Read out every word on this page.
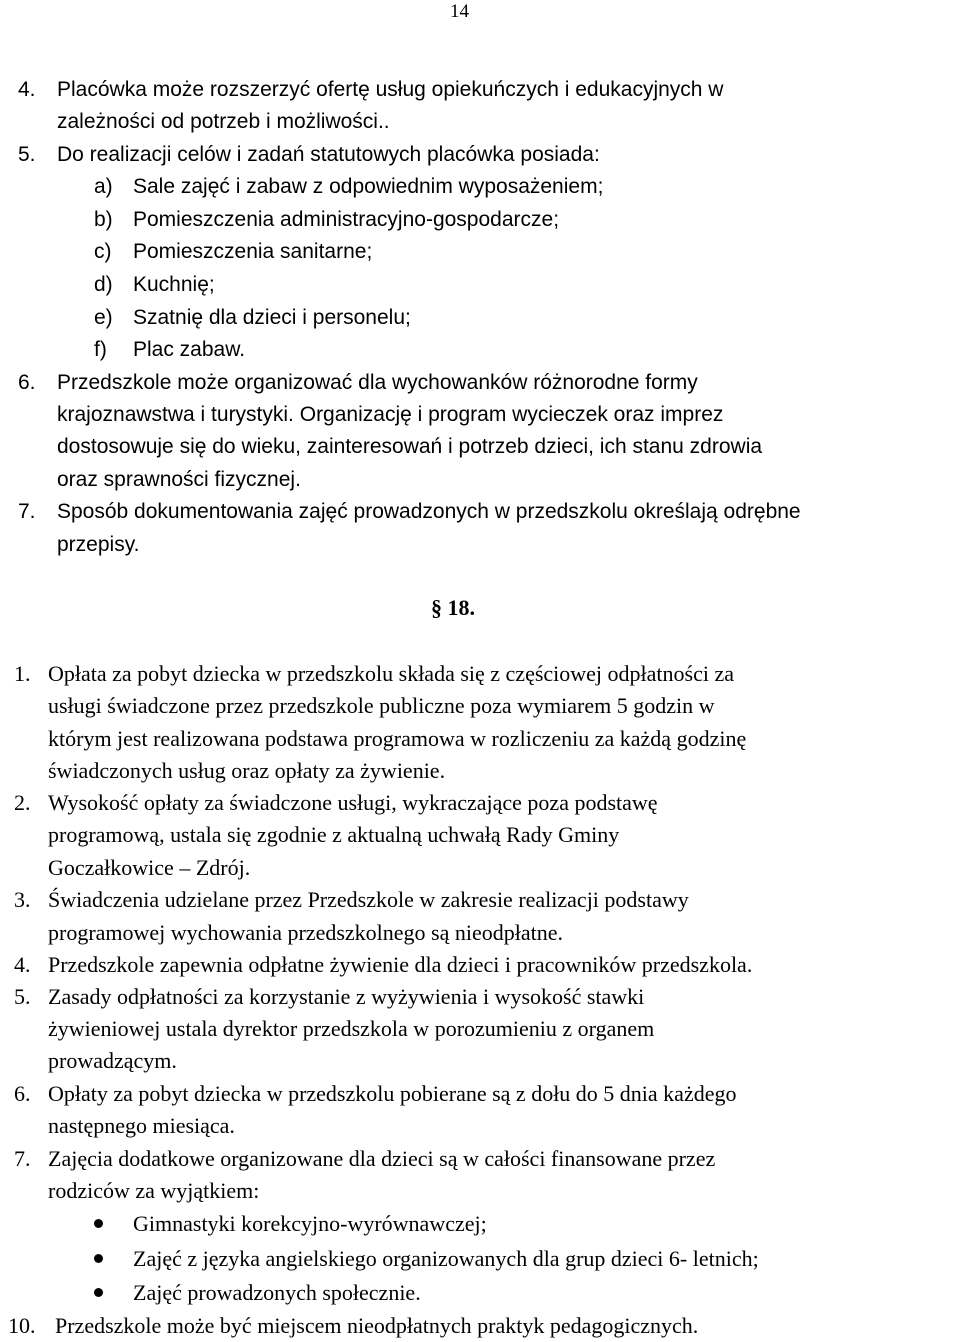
14
4. Placówka może rozszerzyć ofertę usług opiekuńczych i edukacyjnych w
zależności od potrzeb i możliwości..
5. Do realizacji celów i zadań statutowych placówka posiada:
a) Sale zajęć i zabaw z odpowiednim wyposażeniem;
b) Pomieszczenia administracyjno-gospodarcze;
c) Pomieszczenia sanitarne;
d) Kuchnię;
e) Szatnię dla dzieci i personelu;
f) Plac zabaw.
6. Przedszkole może organizować dla wychowanków różnorodne formy
krajoznawstwa i turystyki. Organizację i program wycieczek oraz imprez
dostosowuje się do wieku, zainteresowań i potrzeb dzieci, ich stanu zdrowia
oraz sprawności fizycznej.
7. Sposób dokumentowania zajęć prowadzonych w przedszkolu określają odrębne
przepisy.
§ 18.
1. Opłata za pobyt dziecka w przedszkolu składa się z częściowej odpłatności za
usługi świadczone przez przedszkole publiczne poza wymiarem 5 godzin w
którym jest realizowana podstawa programowa w rozliczeniu za każdą godzinę
świadczonych usług oraz opłaty za żywienie.
2. Wysokość opłaty za świadczone usługi, wykraczające poza podstawę
programową, ustala się zgodnie z aktualną uchwałą Rady Gminy
Goczałkowice – Zdrój.
3. Świadczenia udzielane przez Przedszkole w zakresie realizacji podstawy
programowej wychowania przedszkolnego są nieodpłatne.
4. Przedszkole zapewnia odpłatne żywienie dla dzieci i pracowników przedszkola.
5. Zasady odpłatności za korzystanie z wyżywienia i wysokość stawki
żywieniowej ustala dyrektor przedszkola w porozumieniu z organem
prowadzącym.
6. Opłaty za pobyt dziecka w przedszkolu pobierane są z dołu do 5 dnia każdego
następnego miesiąca.
7. Zajęcia dodatkowe organizowane dla dzieci są w całości finansowane przez
rodziców za wyjątkiem:
Gimnastyki korekcyjno-wyrównawczej;
Zajęć z języka angielskiego organizowanych dla grup dzieci 6- letnich;
Zajęć prowadzonych społecznie.
10. Przedszkole może być miejscem nieodpłatnych praktyk pedagogicznych.
